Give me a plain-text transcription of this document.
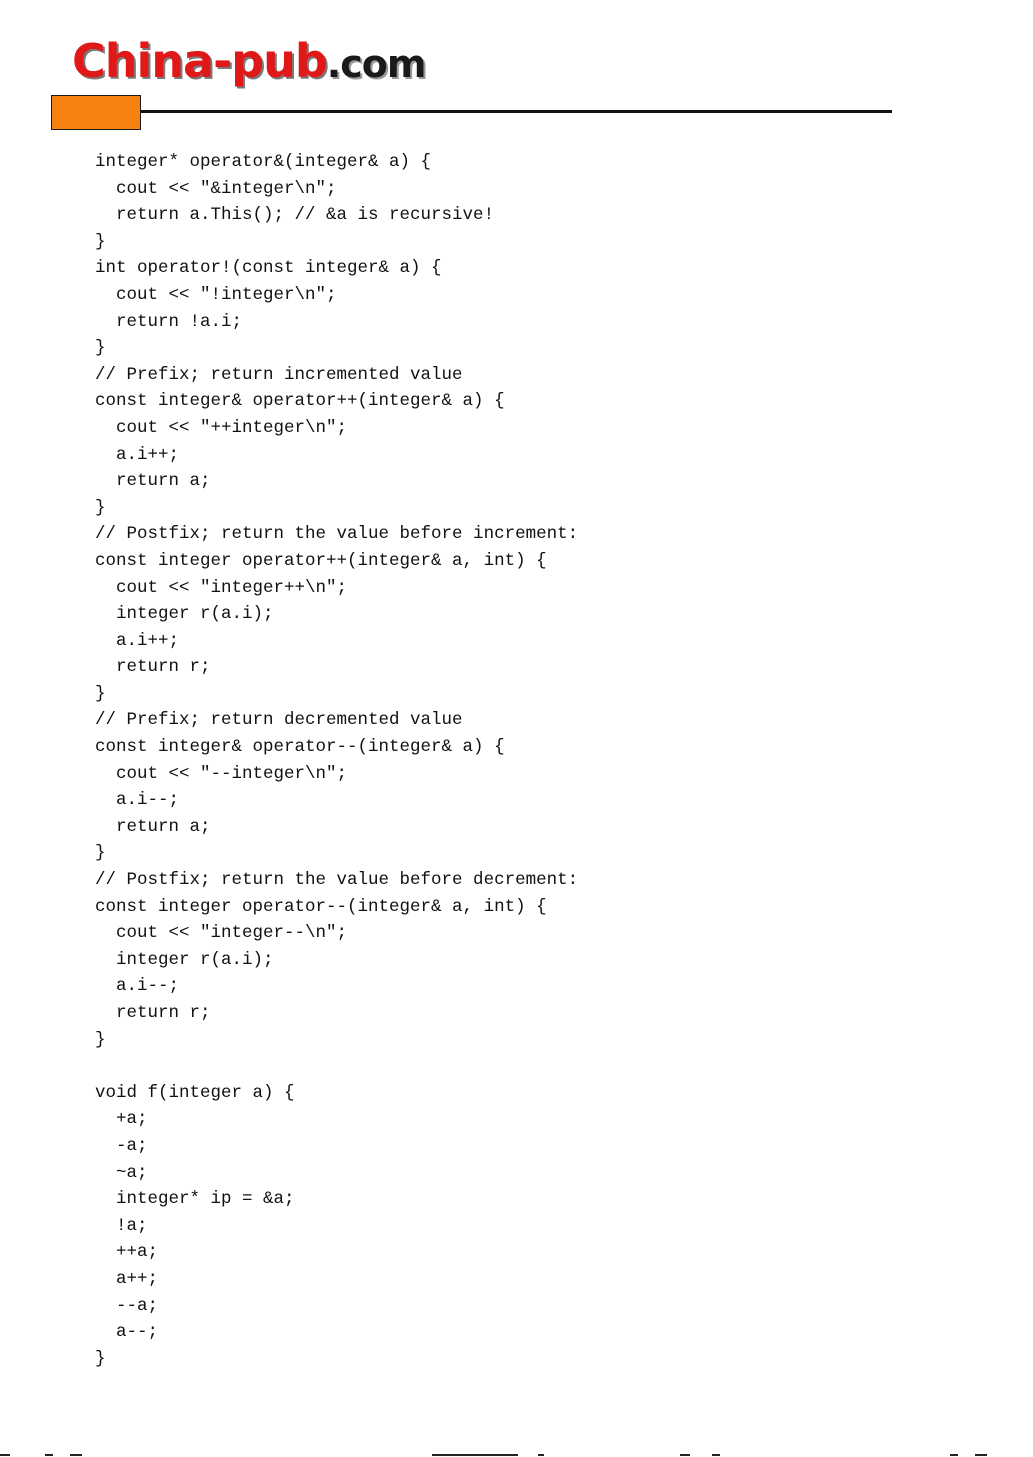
China-pub.com
integer* operator&(integer& a) {
cout << "&integer\n";
return a.This(); // &a is recursive!
}
int operator!(const integer& a) {
cout << "!integer\n";
return !a.i;
}
// Prefix; return incremented value
const integer& operator++(integer& a) {
cout << "++integer\n";
a.i++;
return a;
}
// Postfix; return the value before increment:
const integer operator++(integer& a, int) {
cout << "integer++\n";
integer r(a.i);
a.i++;
return r;
}
// Prefix; return decremented value
const integer& operator--(integer& a) {
cout << "--integer\n";
a.i--;
return a;
}
// Postfix; return the value before decrement:
const integer operator--(integer& a, int) {
cout << "integer--\n";
integer r(a.i);
a.i--;
return r;
}
void f(integer a) {
+a;
-a;
~a;
integer* ip = &a;
!a;
++a;
a++;
--a;
a--;
}
